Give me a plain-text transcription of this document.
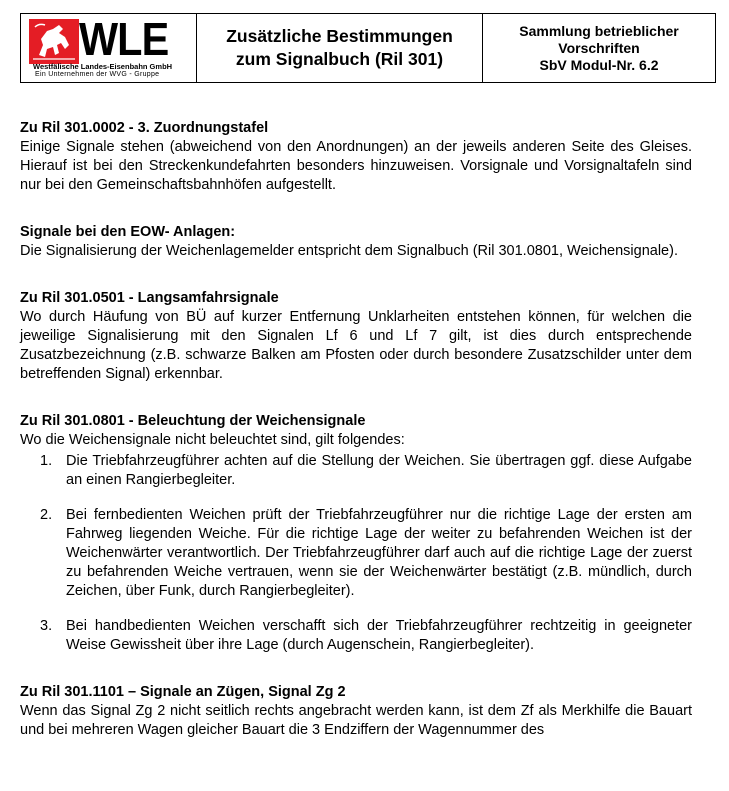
WLE
Westfälische Landes-Eisenbahn GmbH
Ein Unternehmen der WVG - Gruppe
Zusätzliche Bestimmungen
zum Signalbuch (Ril 301)
Sammlung betrieblicher
Vorschriften
SbV Modul-Nr. 6.2
Zu Ril 301.0002 - 3. Zuordnungstafel

Einige Signale stehen (abweichend von den Anordnungen) an der jeweils anderen Seite des Gleises. Hierauf ist bei den Streckenkundefahrten besonders hinzuweisen. Vorsignale und Vorsignaltafeln sind nur bei den Gemeinschaftsbahnhöfen aufgestellt.

Signale bei den EOW- Anlagen:

Die Signalisierung der Weichenlagemelder entspricht dem Signalbuch (Ril 301.0801, Weichensignale).

Zu Ril 301.0501 - Langsamfahrsignale

Wo durch Häufung von BÜ auf kurzer Entfernung Unklarheiten entstehen können, für welchen die jeweilige Signalisierung mit den Signalen Lf 6 und Lf 7 gilt, ist dies durch entsprechende Zusatzbezeichnung (z.B. schwarze Balken am Pfosten oder durch besondere Zusatzschilder unter dem betreffenden Signal) erkennbar.

Zu Ril 301.0801 - Beleuchtung der Weichensignale

Wo die Weichensignale nicht beleuchtet sind, gilt folgendes:

1. Die Triebfahrzeugführer achten auf die Stellung der Weichen. Sie übertragen ggf. diese Aufgabe an einen Rangierbegleiter.
2. Bei fernbedienten Weichen prüft der Triebfahrzeugführer nur die richtige Lage der ersten am Fahrweg liegenden Weiche. Für die richtige Lage der weiter zu befahrenden Weichen ist der Weichenwärter verantwortlich. Der Triebfahrzeugführer darf auch auf die richtige Lage der zuerst zu befahrenden Weiche vertrauen, wenn sie der Weichenwärter bestätigt (z.B. mündlich, durch Zeichen, über Funk, durch Rangierbegleiter).
3. Bei handbedienten Weichen verschafft sich der Triebfahrzeugführer rechtzeitig in geeigneter Weise Gewissheit über ihre Lage (durch Augenschein, Rangierbegleiter).
Zu Ril 301.1101 – Signale an Zügen, Signal Zg 2

Wenn das Signal Zg 2 nicht seitlich rechts angebracht werden kann, ist dem Zf als Merkhilfe die Bauart und bei mehreren Wagen gleicher Bauart die 3 Endziffern der Wagennummer des
